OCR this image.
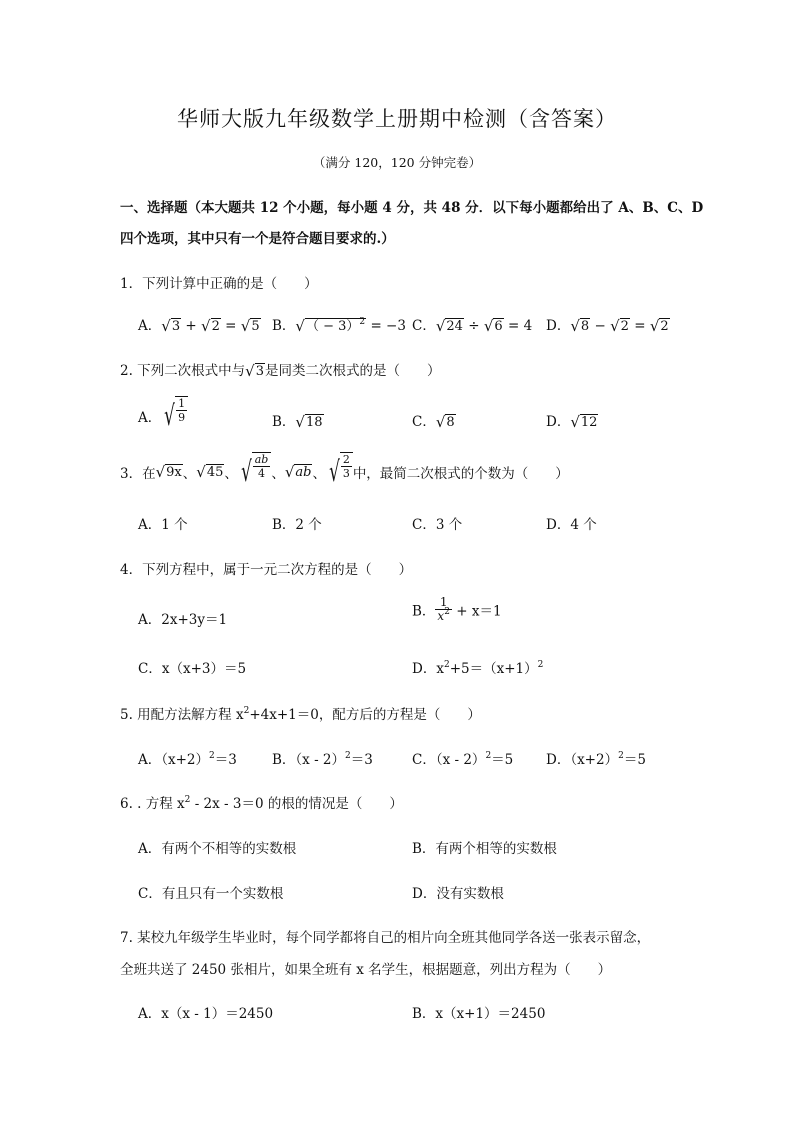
华师大版九年级数学上册期中检测（含答案）
（满分 120，120 分钟完卷）
一、选择题（本大题共 12 个小题，每小题 4 分，共 48 分．以下每小题都给出了 A、B、C、D
四个选项，其中只有一个是符合题目要求的.）
1．下列计算中正确的是（　　）
A． √ 3 + √ 2 = √ 5 B． √ （ − 3）$^2$ = −3 C． √ 24 ÷ √ 6 = 4 D． √ 8 − √ 2 = √ 2
2. 下列二次根式中与 √ 3 是同类二次根式的是（　　）
A． √ $\frac{1}{9}$	B． √ 18	C． √ 8	D． √ 12
3．在 √ 9x 、 √ 45 、 √ $\frac{ab}{4}$ 、 √ ab 、 √ $\frac{2}{3}$ 中，最简二次根式的个数为（　　）
A．1 个	B．2 个	C．3 个	D．4 个
4．下列方程中，属于一元二次方程的是（　　）
A．2x+3y＝1
B． $\frac{1}{x^2} + x=1$
C．x（x+3）＝5	D．$x^2+5=(x+1)^2$
5. 用配方法解方程 $x^2+4x+1=0$，配方后的方程是（　　）
A．$(x+2)^2=3$	B．（x - 2）$^2$＝3	C．（x - 2）$^2$＝5 D．$(x+2)^2=5$
6. . 方程 $x^2 - 2x - 3=0$ 的根的情况是（　　）
A．有两个不相等的实数根	B．有两个相等的实数根
C．有且只有一个实数根	D．没有实数根
7. 某校九年级学生毕业时，每个同学都将自己的相片向全班其他同学各送一张表示留念，
全班共送了 2450 张相片，如果全班有 x 名学生，根据题意，列出方程为（　　）
A．x（x - 1）＝2450	B．x（x+1）＝2450
